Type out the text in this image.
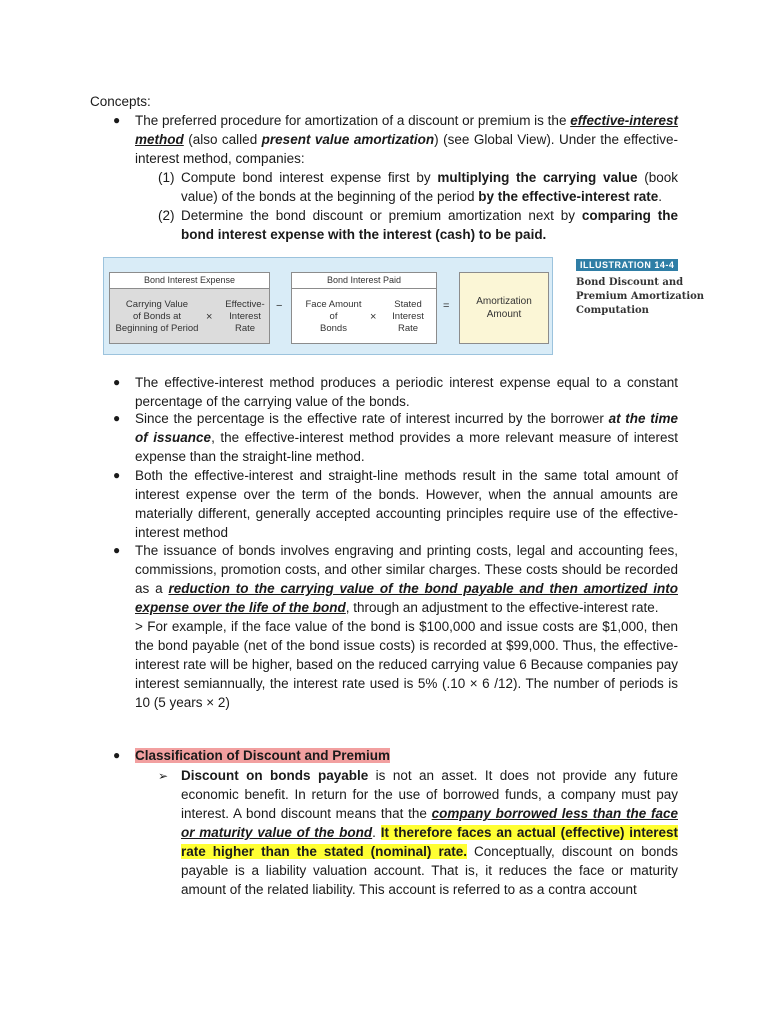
Concepts:
● The preferred procedure for amortization of a discount or premium is the effective-interest method (also called present value amortization) (see Global View). Under the effective-interest method, companies:
(1) Compute bond interest expense first by multiplying the carrying value (book value) of the bonds at the beginning of the period by the effective-interest rate.
(2) Determine the bond discount or premium amortization next by comparing the bond interest expense with the interest (cash) to be paid.
Bond Interest Expense
Carrying Value
of Bonds at
Beginning of Period
×
Effective-
Interest
Rate
−
Bond Interest Paid
Face Amount
of
Bonds
×
Stated
Interest
Rate
=	Amortization
Amount
ILLUSTRATION 14-4
Bond Discount and
Premium Amortization
Computation
● The effective-interest method produces a periodic interest expense equal to a constant percentage of the carrying value of the bonds.
● Since the percentage is the effective rate of interest incurred by the borrower at the time of issuance, the effective-interest method provides a more relevant measure of interest expense than the straight-line method.
● Both the effective-interest and straight-line methods result in the same total amount of interest expense over the term of the bonds. However, when the annual amounts are materially different, generally accepted accounting principles require use of the effective-interest method
● The issuance of bonds involves engraving and printing costs, legal and accounting fees, commissions, promotion costs, and other similar charges. These costs should be recorded as a reduction to the carrying value of the bond payable and then amortized into expense over the life of the bond, through an adjustment to the effective-interest rate.
> For example, if the face value of the bond is $100,000 and issue costs are $1,000, then the bond payable (net of the bond issue costs) is recorded at $99,000. Thus, the effective-interest rate will be higher, based on the reduced carrying value 6 Because companies pay interest semiannually, the interest rate used is 5% (.10 × 6 /12). The number of periods is 10 (5 years × 2)
● Classification of Discount and Premium
➢ Discount on bonds payable is not an asset. It does not provide any future economic benefit. In return for the use of borrowed funds, a company must pay interest. A bond discount means that the company borrowed less than the face or maturity value of the bond. It therefore faces an actual (effective) interest rate higher than the stated (nominal) rate. Conceptually, discount on bonds payable is a liability valuation account. That is, it reduces the face or maturity amount of the related liability. This account is referred to as a contra account
